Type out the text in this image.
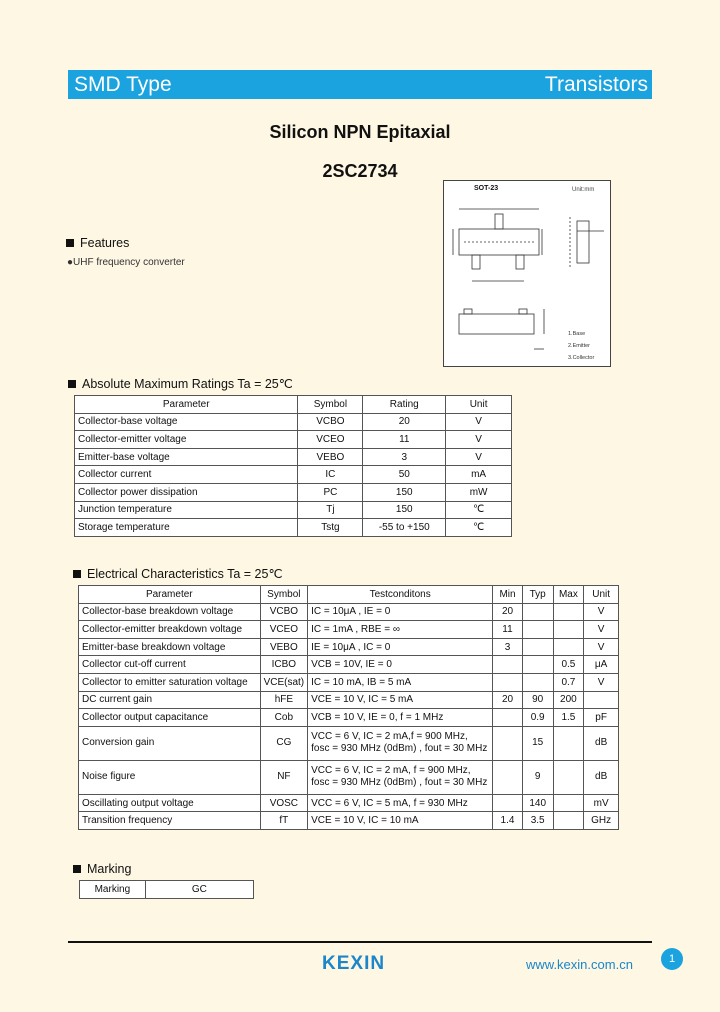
SMD Type	Transistors
Silicon NPN Epitaxial
2SC2734
SOT-23	Unit:mm
1.Base
2.Emitter
3.Collector
Features
●UHF frequency converter
Absolute Maximum Ratings Ta = 25℃
Parameter	Symbol	Rating	Unit
Collector-base voltage	VCBO	20	V
Collector-emitter voltage	VCEO	11	V
Emitter-base voltage	VEBO	3	V
Collector current	IC	50	mA
Collector power dissipation	PC	150	mW
Junction temperature	Tj	150	℃
Storage temperature	Tstg	-55 to +150	℃
Electrical Characteristics Ta = 25℃
Parameter	Symbol	Testconditons	Min	Typ	Max	Unit
Collector-base breakdown voltage	VCBO	IC = 10μA , IE = 0	20			V
Collector-emitter breakdown voltage	VCEO	IC = 1mA , RBE = ∞	11			V
Emitter-base breakdown voltage	VEBO	IE = 10μA , IC = 0	3			V
Collector cut-off current	ICBO	VCB = 10V, IE = 0			0.5	μA
Collector to emitter saturation voltage	VCE(sat)	IC = 10 mA, IB = 5 mA			0.7	V
DC current gain	hFE	VCE = 10 V, IC = 5 mA	20	90	200	
Collector output capacitance	Cob	VCB = 10 V, IE = 0, f = 1 MHz		0.9	1.5	pF
Conversion gain	CG	VCC = 6 V, IC = 2 mA,f = 900 MHz,
fosc = 930 MHz (0dBm) , fout = 30 MHz		15		dB
Noise figure	NF	VCC = 6 V, IC = 2 mA, f = 900 MHz,
fosc = 930 MHz (0dBm) , fout = 30 MHz		9		dB
Oscillating output voltage	VOSC	VCC = 6 V, IC = 5 mA, f = 930 MHz		140		mV
Transition frequency	fT	VCE = 10 V, IC = 10 mA	1.4	3.5		GHz
Marking
Marking	GC
KEXIN	www.kexin.com.cn	1
